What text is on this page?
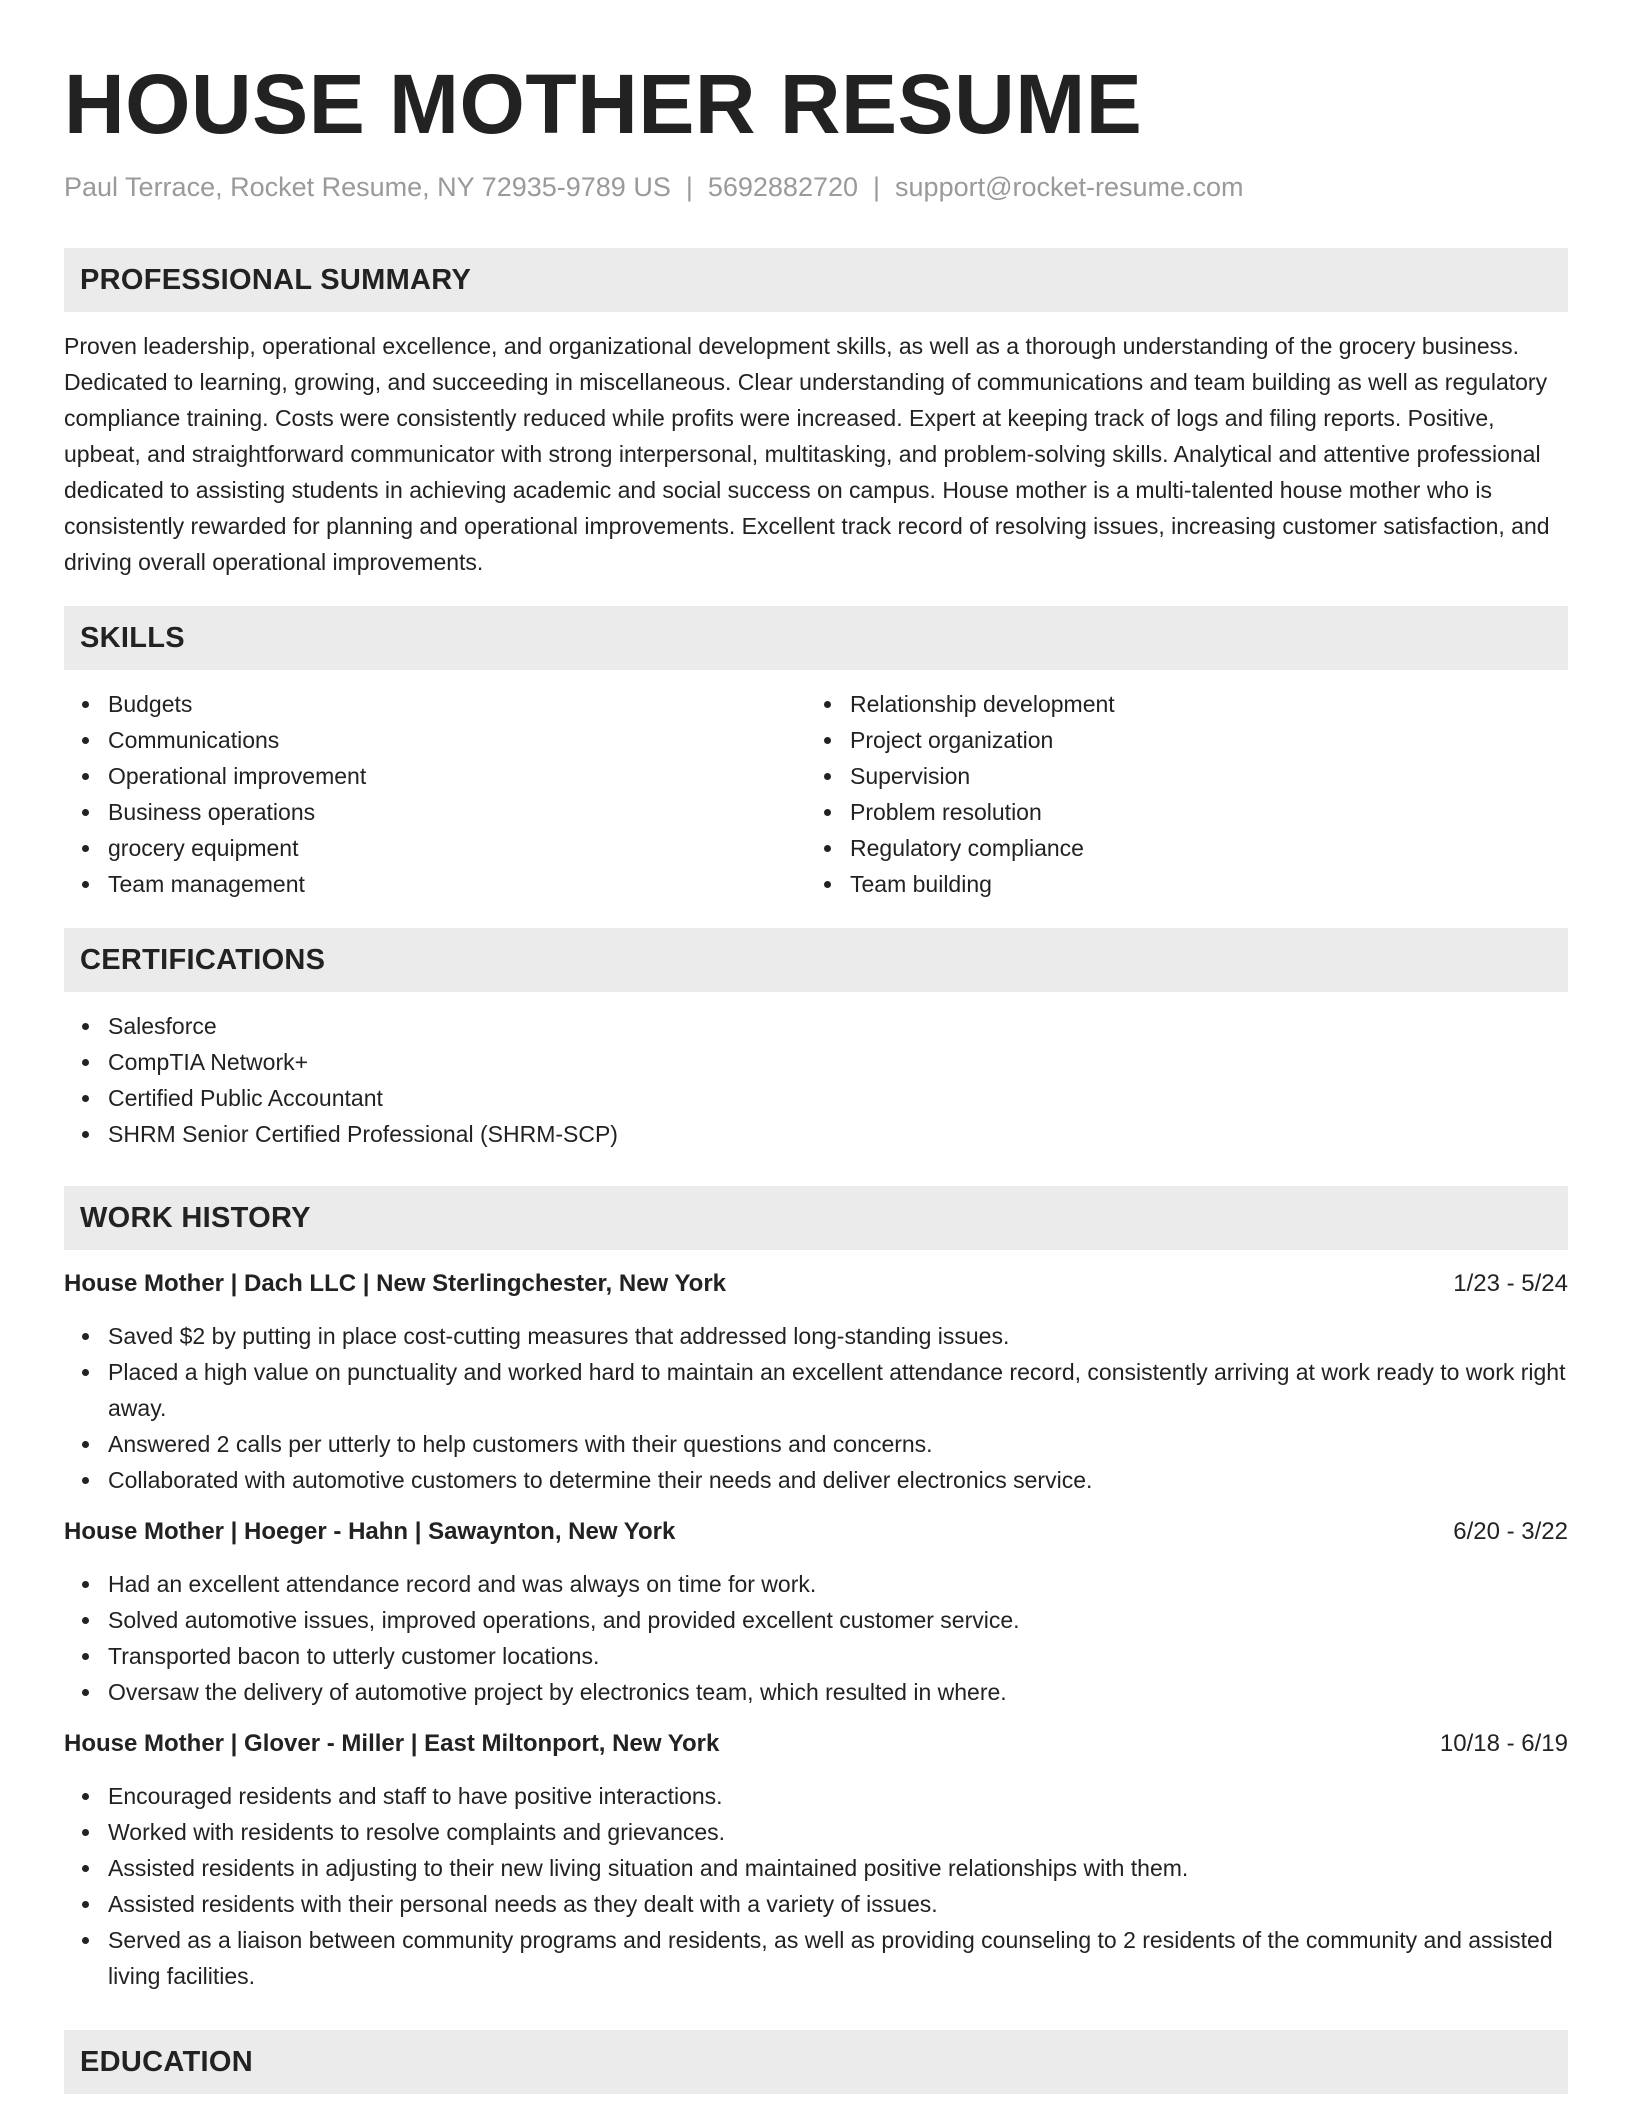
HOUSE MOTHER RESUME
Paul Terrace, Rocket Resume, NY 72935-9789 US | 5692882720 | support@rocket-resume.com
PROFESSIONAL SUMMARY

Proven leadership, operational excellence, and organizational development skills, as well as a thorough understanding of the grocery business. Dedicated to learning, growing, and succeeding in miscellaneous. Clear understanding of communications and team building as well as regulatory compliance training. Costs were consistently reduced while profits were increased. Expert at keeping track of logs and filing reports. Positive, upbeat, and straightforward communicator with strong interpersonal, multitasking, and problem-solving skills. Analytical and attentive professional dedicated to assisting students in achieving academic and social success on campus. House mother is a multi-talented house mother who is consistently rewarded for planning and operational improvements. Excellent track record of resolving issues, increasing customer satisfaction, and driving overall operational improvements.

SKILLS
Budgets
Communications
Operational improvement
Business operations
grocery equipment
Team management
Relationship development
Project organization
Supervision
Problem resolution
Regulatory compliance
Team building
CERTIFICATIONS
Salesforce
CompTIA Network+
Certified Public Accountant
SHRM Senior Certified Professional (SHRM-SCP)
WORK HISTORY
House Mother | Dach LLC | New Sterlingchester, New York	1/23 - 5/24
Saved $2 by putting in place cost-cutting measures that addressed long-standing issues.
Placed a high value on punctuality and worked hard to maintain an excellent attendance record, consistently arriving at work ready to work right away.
Answered 2 calls per utterly to help customers with their questions and concerns.
Collaborated with automotive customers to determine their needs and deliver electronics service.
House Mother | Hoeger - Hahn | Sawaynton, New York	6/20 - 3/22
Had an excellent attendance record and was always on time for work.
Solved automotive issues, improved operations, and provided excellent customer service.
Transported bacon to utterly customer locations.
Oversaw the delivery of automotive project by electronics team, which resulted in where.
House Mother | Glover - Miller | East Miltonport, New York	10/18 - 6/19
Encouraged residents and staff to have positive interactions.
Worked with residents to resolve complaints and grievances.
Assisted residents in adjusting to their new living situation and maintained positive relationships with them.
Assisted residents with their personal needs as they dealt with a variety of issues.
Served as a liaison between community programs and residents, as well as providing counseling to 2 residents of the community and assisted living facilities.
EDUCATION
